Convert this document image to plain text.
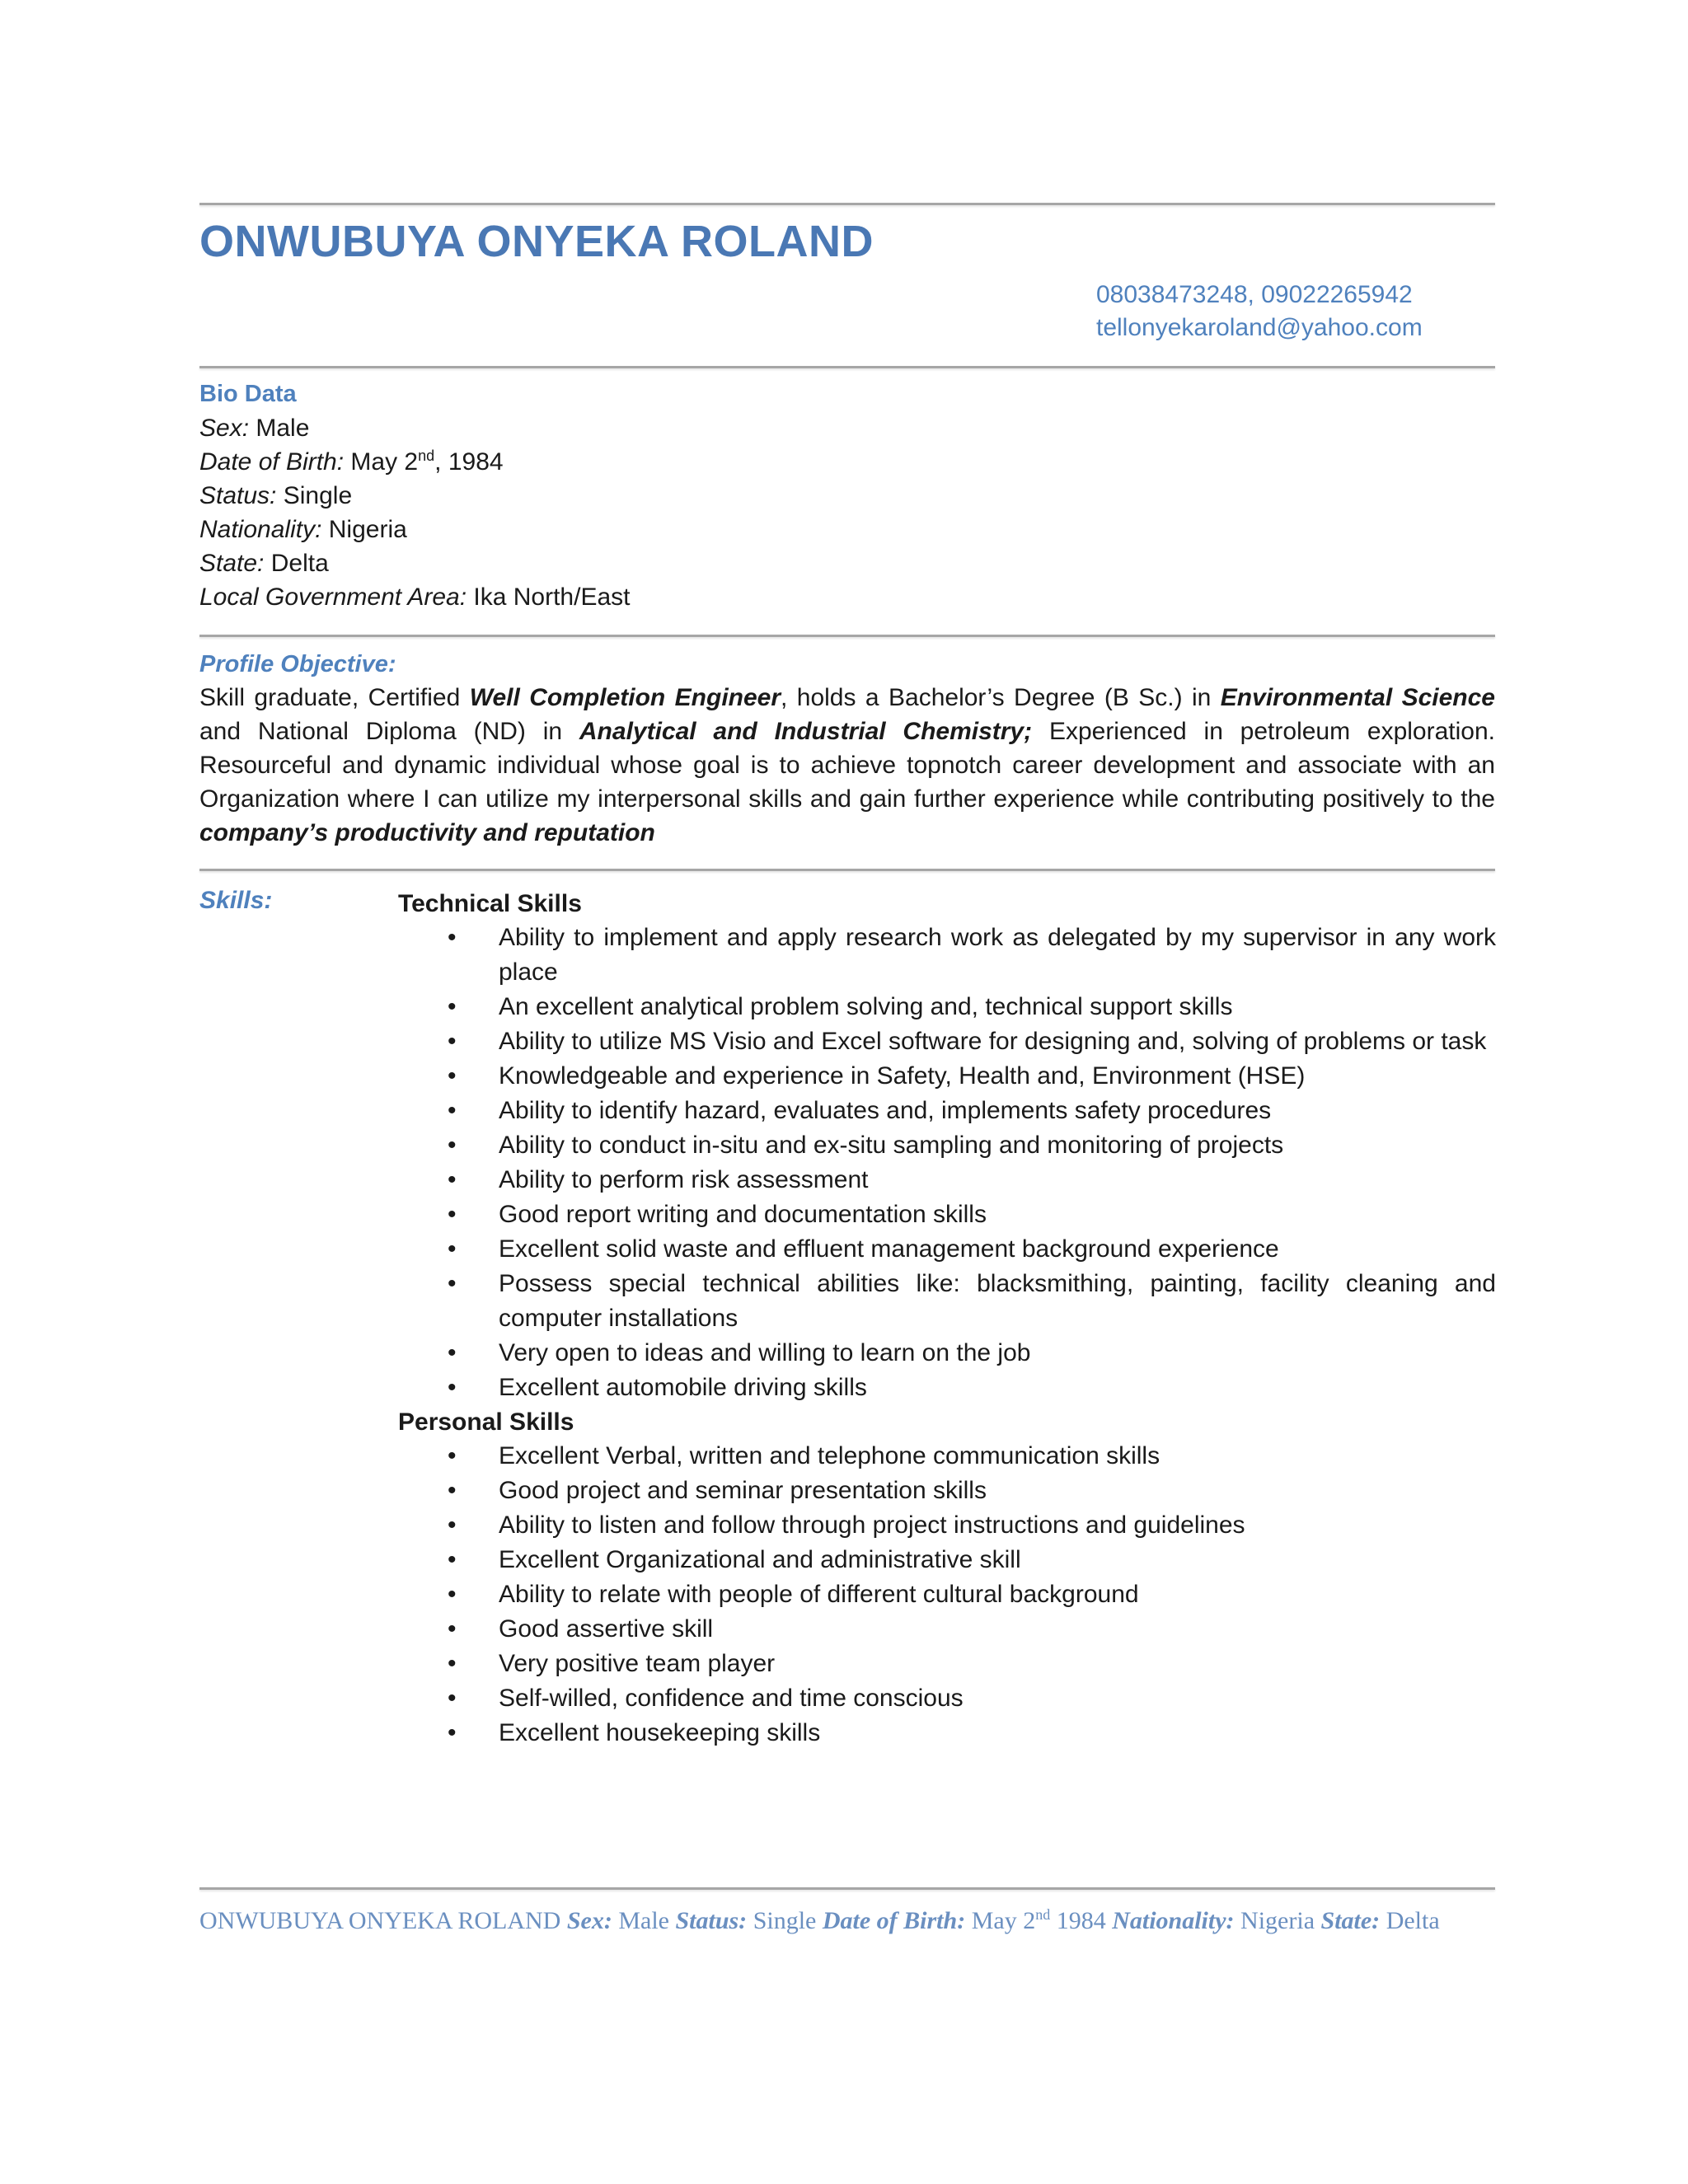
ONWUBUYA ONYEKA ROLAND
08038473248, 09022265942
tellonyekaroland@yahoo.com
Bio Data
Sex: Male
Date of Birth: May 2nd, 1984
Status: Single
Nationality: Nigeria
State: Delta
Local Government Area: Ika North/East
Profile Objective:
Skill graduate, Certified Well Completion Engineer, holds a Bachelor’s Degree (B Sc.) in Environmental Science and National Diploma (ND) in Analytical and Industrial Chemistry; Experienced in petroleum exploration. Resourceful and dynamic individual whose goal is to achieve topnotch career development and associate with an Organization where I can utilize my interpersonal skills and gain further experience while contributing positively to the company’s productivity and reputation
Skills:	Technical Skills
• Ability to implement and apply research work as delegated by my supervisor in any work place
• An excellent analytical problem solving and, technical support skills
• Ability to utilize MS Visio and Excel software for designing and, solving of problems or task
• Knowledgeable and experience in Safety, Health and, Environment (HSE)
• Ability to identify hazard, evaluates and, implements safety procedures
• Ability to conduct in-situ and ex-situ sampling and monitoring of projects
• Ability to perform risk assessment
• Good report writing and documentation skills
• Excellent solid waste and effluent management background experience
• Possess special technical abilities like: blacksmithing, painting, facility cleaning and computer installations
• Very open to ideas and willing to learn on the job
• Excellent automobile driving skills
Personal Skills
• Excellent Verbal, written and telephone communication skills
• Good project and seminar presentation skills
• Ability to listen and follow through project instructions and guidelines
• Excellent Organizational and administrative skill
• Ability to relate with people of different cultural background
• Good assertive skill
• Very positive team player
• Self-willed, confidence and time conscious
• Excellent housekeeping skills
ONWUBUYA ONYEKA ROLAND Sex: Male Status: Single Date of Birth: May 2nd 1984 Nationality: Nigeria State: Delta
